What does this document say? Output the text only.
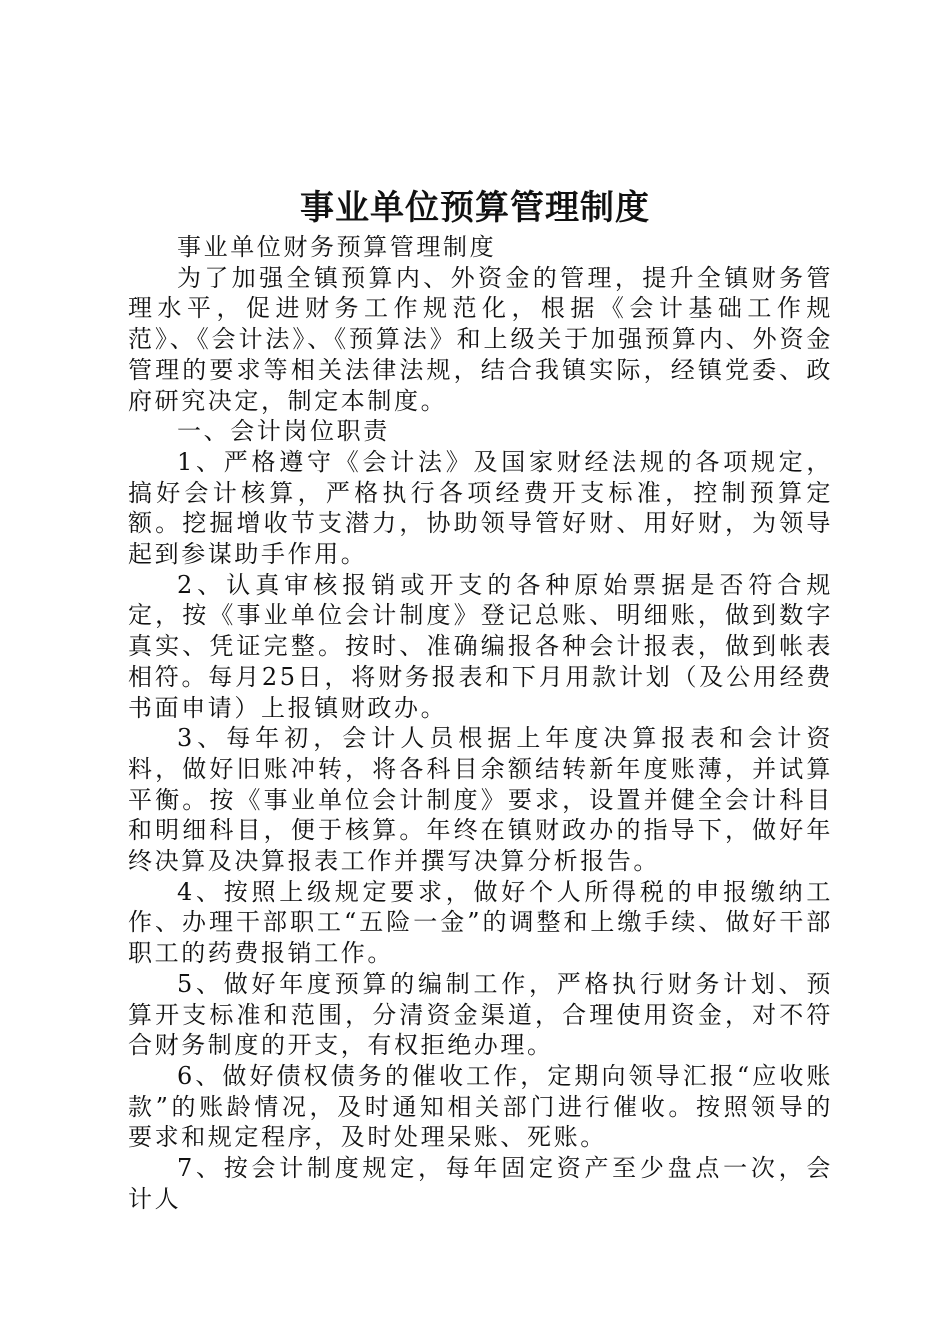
事业单位预算管理制度

事业单位财务预算管理制度

为了加强全镇预算内、外资金的管理，提升全镇财务管理水平，促进财务工作规范化，根据《会计基础工作规范》、《会计法》、《预算法》和上级关于加强预算内、外资金管理的要求等相关法律法规，结合我镇实际，经镇党委、政府研究决定，制定本制度。

一、会计岗位职责

1、严格遵守《会计法》及国家财经法规的各项规定，搞好会计核算，严格执行各项经费开支标准，控制预算定额。挖掘增收节支潜力，协助领导管好财、用好财，为领导起到参谋助手作用。

2、认真审核报销或开支的各种原始票据是否符合规定，按《事业单位会计制度》登记总账、明细账，做到数字真实、凭证完整。按时、准确编报各种会计报表，做到帐表相符。每月25日，将财务报表和下月用款计划（及公用经费书面申请）上报镇财政办。

3、每年初，会计人员根据上年度决算报表和会计资料，做好旧账冲转，将各科目余额结转新年度账薄，并试算平衡。按《事业单位会计制度》要求，设置并健全会计科目和明细科目，便于核算。年终在镇财政办的指导下，做好年终决算及决算报表工作并撰写决算分析报告。

4、按照上级规定要求，做好个人所得税的申报缴纳工作、办理干部职工“五险一金”的调整和上缴手续、做好干部职工的药费报销工作。

5、做好年度预算的编制工作，严格执行财务计划、预算开支标准和范围，分清资金渠道，合理使用资金，对不符合财务制度的开支，有权拒绝办理。

6、做好债权债务的催收工作，定期向领导汇报“应收账款”的账龄情况，及时通知相关部门进行催收。按照领导的要求和规定程序，及时处理呆账、死账。

7、按会计制度规定，每年固定资产至少盘点一次，会计人
